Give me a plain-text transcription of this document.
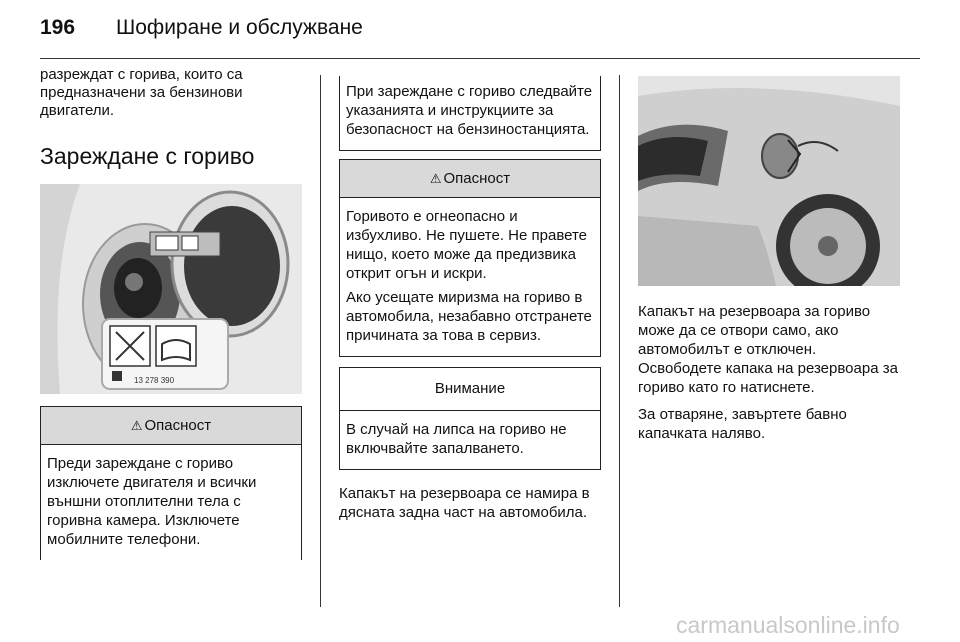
196 Шофиране и обслужване

разреждат с горива, които са предназначени за бензинови двигатели.

Зареждане с гориво
13 278 390
⚠ Опасност

Преди зареждане с гориво изключете двигателя и всички външни отоплителни тела с горивна камера. Изключете мобилните телефони.

При зареждане с гориво следвайте указанията и инструкциите за безопасност на бензиностанцията.

⚠ Опасност

Горивото е огнеопасно и избухливо. Не пушете. Не правете нищо, което може да предизвика открит огън и искри.

Ако усещате миризма на гориво в автомобила, незабавно отстранете причината за това в сервиз.

Внимание

В случай на липса на гориво не включвайте запалването.

Капакът на резервоара се намира в дясната задна част на автомобила.

Капакът на резервоара за гориво може да се отвори само, ако автомобилът е отключен. Освободете капака на резервоара за гориво като го натиснете.

За отваряне, завъртете бавно капачката наляво.

carmanualsonline.info
